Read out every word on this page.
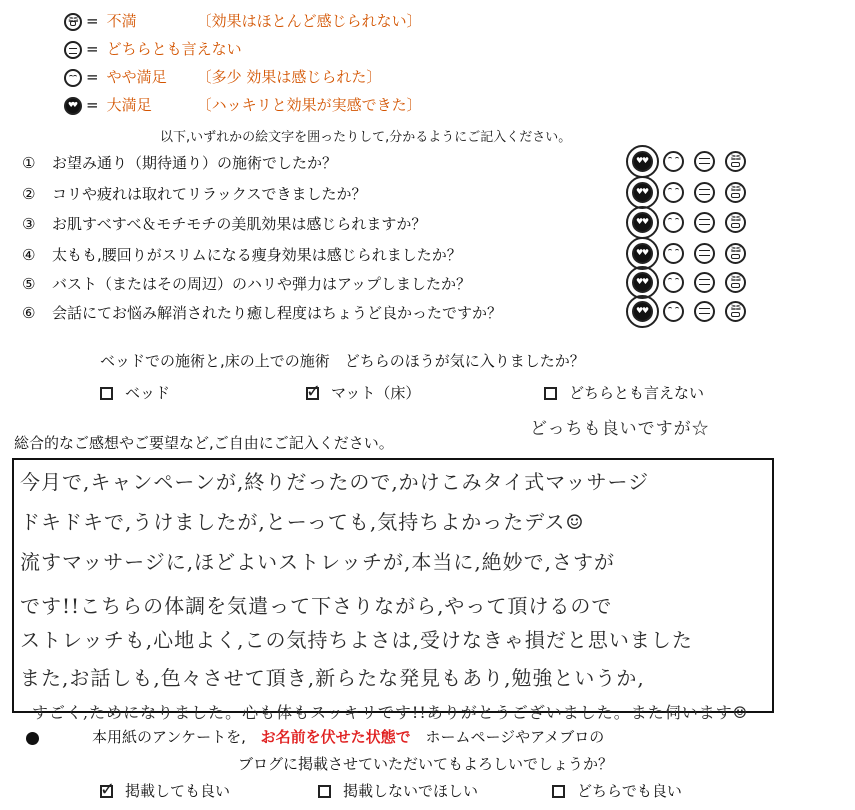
≧≦= 不満	〔効果はほとんど感じられない〕
= どちらとも言えない
= やや満足 〔多少 効果は感じられた〕
♥ ♥= 大満足	〔ハッキリと効果が実感できた〕
以下,いずれかの絵文字を囲ったりして,分かるようにご記入ください。
① お望み通り（期待通り）の施術でしたか？
♥ ♥
≧≦
② コリや疲れは取れてリラックスできましたか？
♥ ♥
≧≦
③ お肌すべすべ＆モチモチの美肌効果は感じられますか？
♥ ♥
≧≦
④ 太もも,腰回りがスリムになる痩身効果は感じられましたか？
♥ ♥
≧≦
⑤ バスト（またはその周辺）のハリや弾力はアップしましたか？
♥ ♥
≧≦
⑥ 会話にてお悩み解消されたり癒し程度はちょうど良かったですか？
♥ ♥
≧≦
ベッドでの施術と,床の上での施術　どちらのほうが気に入りましたか？
ベッド
✓	マット（床）	どちらとも言えない
どっちも良いですが☆
総合的なご感想やご要望など,ご自由にご記入ください。
今月で,キャンペーンが,終りだったので,かけこみタイ式マッサージ
ドキドキで,うけましたが,とーっても,気持ちよかったデス☺
流すマッサージに,ほどよいストレッチが,本当に,絶妙で,さすが
です!!こちらの体調を気遣って下さりながら,やって頂けるので
ストレッチも,心地よく,この気持ちよさは,受けなきゃ損だと思いました
また,お話しも,色々させて頂き,新らたな発見もあり,勉強というか,
すごく,ためになりました。心も体もスッキリです!!ありがとうございました。また伺います☺
本用紙のアンケートを, お名前を伏せた状態で ホームページやアメブロの
ブログに掲載させていただいてもよろしいでしょうか？
✓掲載しても良い	掲載しないでほしい	どちらでも良い
